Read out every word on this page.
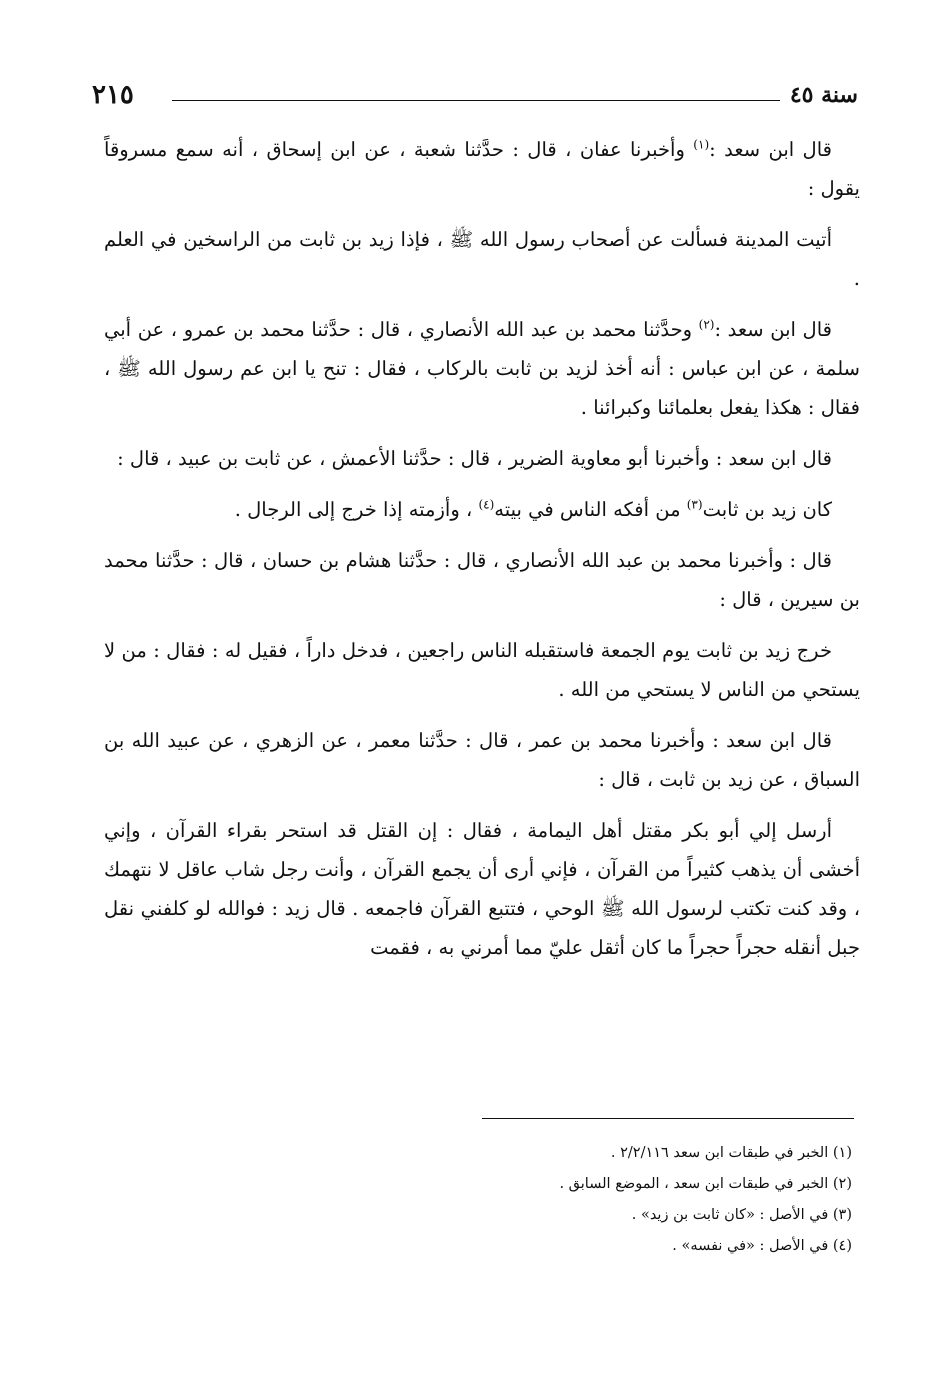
سنة ٤٥
٢١٥

قال ابن سعد :$^{(١)}$ وأخبرنا عفان ، قال : حدَّثنا شعبة ، عن ابن إسحاق ، أنه سمع مسروقاً يقول :

أتيت المدينة فسألت عن أصحاب رسول الله ﷺ ، فإذا زيد بن ثابت من الراسخين في العلم .

قال ابن سعد :$^{(٢)}$ وحدَّثنا محمد بن عبد الله الأنصاري ، قال : حدَّثنا محمد بن عمرو ، عن أبي سلمة ، عن ابن عباس : أنه أخذ لزيد بن ثابت بالركاب ، فقال : تنح يا ابن عم رسول الله ﷺ ، فقال : هكذا يفعل بعلمائنا وكبرائنا .

قال ابن سعد : وأخبرنا أبو معاوية الضرير ، قال : حدَّثنا الأعمش ، عن ثابت بن عبيد ، قال :

كان زيد بن ثابت$^{(٣)}$ من أفكه الناس في بيته$^{(٤)}$ ، وأزمته إذا خرج إلى الرجال .

قال : وأخبرنا محمد بن عبد الله الأنصاري ، قال : حدَّثنا هشام بن حسان ، قال : حدَّثنا محمد بن سيرين ، قال :

خرج زيد بن ثابت يوم الجمعة فاستقبله الناس راجعين ، فدخل داراً ، فقيل له : فقال : من لا يستحي من الناس لا يستحي من الله .

قال ابن سعد : وأخبرنا محمد بن عمر ، قال : حدَّثنا معمر ، عن الزهري ، عن عبيد الله بن السباق ، عن زيد بن ثابت ، قال :

أرسل إلي أبو بكر مقتل أهل اليمامة ، فقال : إن القتل قد استحر بقراء القرآن ، وإني أخشى أن يذهب كثيراً من القرآن ، فإني أرى أن يجمع القرآن ، وأنت رجل شاب عاقل لا نتهمك ، وقد كنت تكتب لرسول الله ﷺ الوحي ، فتتبع القرآن فاجمعه . قال زيد : فوالله لو كلفني نقل جبل أنقله حجراً حجراً ما كان أثقل عليّ مما أمرني به ، فقمت

(١) الخبر في طبقات ابن سعد ٢/٢/١١٦ .

(٢) الخبر في طبقات ابن سعد ، الموضع السابق .

(٣) في الأصل : «كان ثابت بن زيد» .

(٤) في الأصل : «في نفسه» .
